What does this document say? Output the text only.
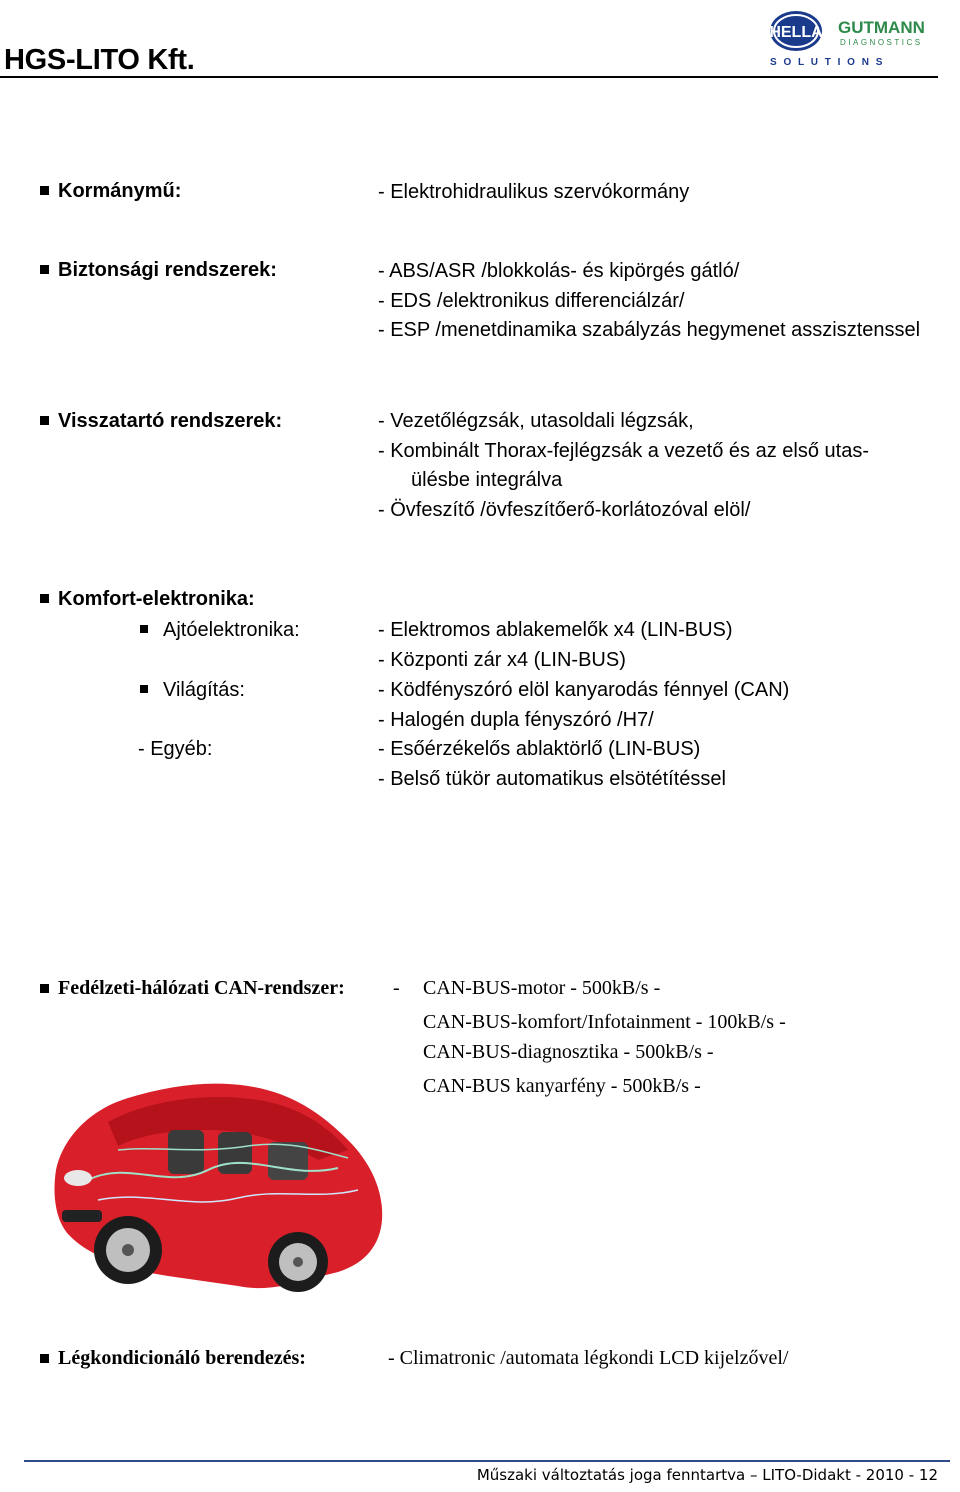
HGS-LITO Kft.
HELLA GUTMANN
DIAGNOSTICS
S O L U T I O N S
Kormánymű:	- Elektrohidraulikus szervókormány
Biztonsági rendszerek:	- ABS/ASR /blokkolás- és kipörgés gátló/
- EDS /elektronikus differenciálzár/
- ESP /menetdinamika szabályzás hegymenet asszisztenssel
Visszatartó rendszerek:	- Vezetőlégzsák, utasoldali légzsák,
- Kombinált Thorax-fejlégzsák a vezető és az első utas-
ülésbe integrálva
- Övfeszítő /övfeszítőerő-korlátozóval elöl/
Komfort-elektronika:
Ajtóelektronika:	- Elektromos ablakemelők x4 (LIN-BUS)
- Központi zár x4 (LIN-BUS)
Világítás:	- Ködfényszóró elöl kanyarodás fénnyel (CAN)
- Halogén dupla fényszóró /H7/
- Egyéb:	- Esőérzékelős ablaktörlő (LIN-BUS)
- Belső tükör automatikus elsötétítéssel
Fedélzeti-hálózati CAN-rendszer: - CAN-BUS-motor - 500kB/s -
CAN-BUS-komfort/Infotainment - 100kB/s -
CAN-BUS-diagnosztika - 500kB/s -
CAN-BUS kanyarfény - 500kB/s -
Légkondicionáló berendezés:	- Climatronic /automata légkondi LCD kijelzővel/
Műszaki változtatás joga fenntartva – LITO-Didakt - 2010 - 12
